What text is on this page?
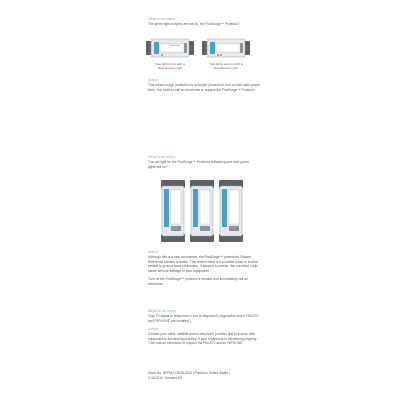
What to do when:
The green light to lights are not on, the FirstSurge™ Protector?
FirstSurge
One light is not with a
Red Service Light
Two lights are not with a
Red Service Light
Action:
This means surge protection is no longer present for one or both main power lines. You need to call an electrician to replace the FirstSurge™ Protector.
What to do when:
The red light on the FirstSurge™ Protector is flashing and both green lights are on?
Action:
Although this is a rare occurrence, the FirstSurge™ protector's Ground Reference Monitor is active. This means there is a possible loose or broken neutral to ground bond connection. If allowed to persist, this condition could cause serious damage to your equipment.
Turn off the FirstSurge™ protector's breaker and immediately call an electrician.
What do do when:
Your TV signal or telephone is lost or degraded? (Applicable only if F6CATV and F6PHONE are installed.)
Action:
Contact your cable, satellite and/or telephone provider first to ensure their equipment is functioning properly. If your equipment is functioning properly. Then call an electrician to inspect the F6CATV and/or F6PHONE.
Order No. RPPM-CON28-0615 | Printed in United States |
© 06.2015, Siemens AG
